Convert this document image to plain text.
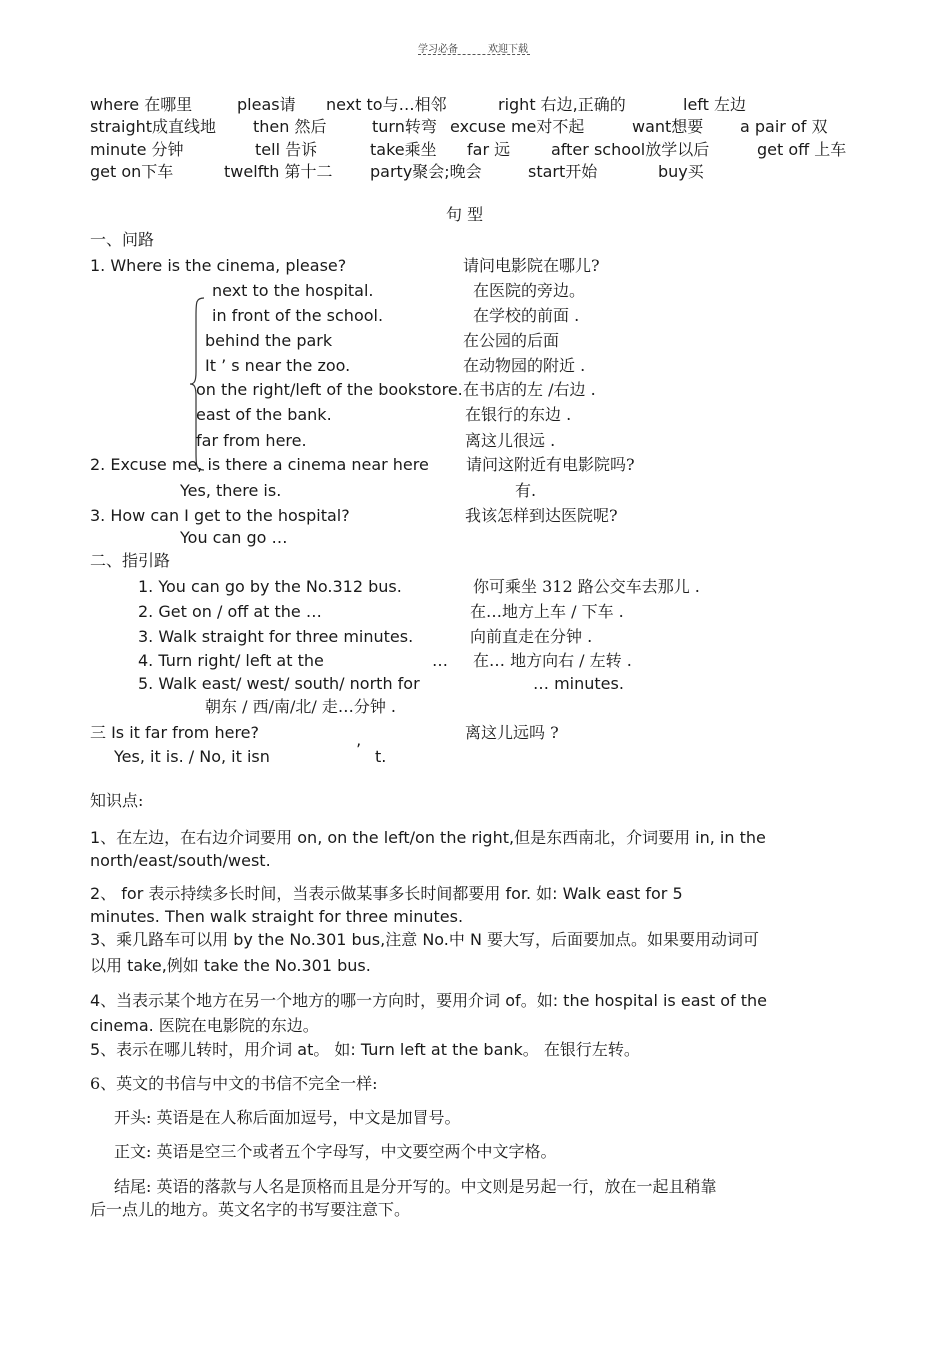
学习必备	欢迎下载
where 在哪里	pleas请 next to与…相邻	right 右边,正确的	left 左边
straight成直线地 then 然后	turn转弯 excuse me对不起	want想要 a pair of 双
minute 分钟	tell 告诉	take乘坐 far 远	after school放学以后	get off 上车
get on下车	twelfth 第十二 party聚会;晚会	start开始	buy买
句 型
一、问路
1. Where is the cinema, please?	请问电影院在哪儿?
next to the hospital.	在医院的旁边。
in front of the school.	在学校的前面 .
behind the park	在公园的后面
It ’ s near the zoo.	在动物园的附近 .
on the right/left of the bookstore. 在书店的左 /右边 .
east of the bank.	在银行的东边 .
far from here.	离这儿很远 .
2. Excuse me, is there a cinema near here 请问这附近有电影院吗?
Yes, there is.	有.
3. How can I get to the hospital?	我该怎样到达医院呢?
You can go …
二、指引路
1. You can go by the No.312 bus.	你可乘坐 312 路公交车去那儿 .
2. Get on / off at the …	在…地方上车 / 下车 .
3. Walk straight for three minutes.	向前直走在分钟 .
4. Turn right/ left at the	… 在… 地方向右 / 左转 .
5. Walk east/ west/ south/ north for	… minutes.
朝东 / 西/南/北/ 走…分钟 .
三 Is it far from here?	离这儿远吗 ?
Yes, it is. / No, it isn	’ t.
知识点:
1、在左边，在右边介词要用 on, on the left/on the right,但是东西南北，介词要用 in, in the
north/east/south/west.
2、 for 表示持续多长时间，当表示做某事多长时间都要用 for. 如: Walk east for 5
minutes. Then walk straight for three minutes.
3、乘几路车可以用 by the No.301 bus,注意 No.中 N 要大写，后面要加点。如果要用动词可
以用 take,例如 take the No.301 bus.
4、当表示某个地方在另一个地方的哪一方向时，要用介词 of。如: the hospital is east of the
cinema. 医院在电影院的东边。
5、表示在哪儿转时，用介词 at。 如: Turn left at the bank。 在银行左转。
6、英文的书信与中文的书信不完全一样:
开头: 英语是在人称后面加逗号，中文是加冒号。
正文: 英语是空三个或者五个字母写，中文要空两个中文字格。
结尾: 英语的落款与人名是顶格而且是分开写的。中文则是另起一行，放在一起且稍靠
后一点儿的地方。英文名字的书写要注意下。
